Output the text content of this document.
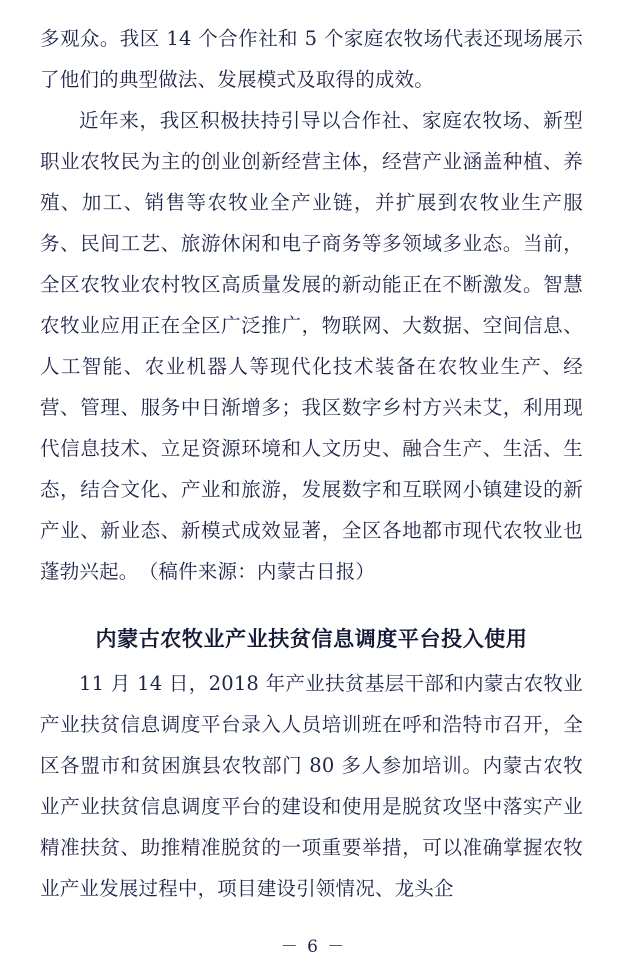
多观众。我区 14 个合作社和 5 个家庭农牧场代表还现场展示了他们的典型做法、发展模式及取得的成效。

近年来，我区积极扶持引导以合作社、家庭农牧场、新型职业农牧民为主的创业创新经营主体，经营产业涵盖种植、养殖、加工、销售等农牧业全产业链，并扩展到农牧业生产服务、民间工艺、旅游休闲和电子商务等多领域多业态。当前，全区农牧业农村牧区高质量发展的新动能正在不断激发。智慧农牧业应用正在全区广泛推广，物联网、大数据、空间信息、人工智能、农业机器人等现代化技术装备在农牧业生产、经营、管理、服务中日渐增多；我区数字乡村方兴未艾，利用现代信息技术、立足资源环境和人文历史、融合生产、生活、生态，结合文化、产业和旅游，发展数字和互联网小镇建设的新产业、新业态、新模式成效显著，全区各地都市现代农牧业也蓬勃兴起。　（稿件来源：内蒙古日报）

内蒙古农牧业产业扶贫信息调度平台投入使用

11 月 14 日，2018 年产业扶贫基层干部和内蒙古农牧业产业扶贫信息调度平台录入人员培训班在呼和浩特市召开，全区各盟市和贫困旗县农牧部门 80 多人参加培训。内蒙古农牧业产业扶贫信息调度平台的建设和使用是脱贫攻坚中落实产业精准扶贫、助推精准脱贫的一项重要举措，可以准确掌握农牧业产业发展过程中，项目建设引领情况、龙头企

－ 6 －
